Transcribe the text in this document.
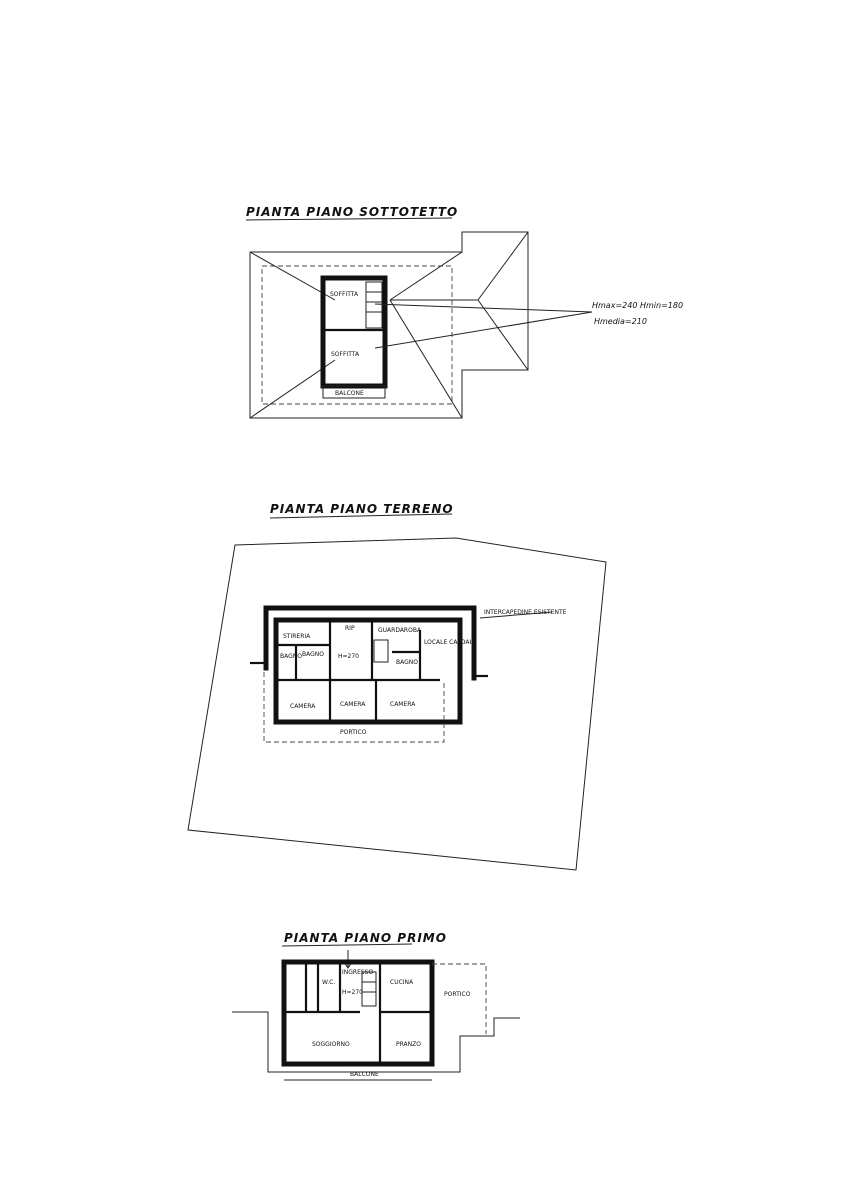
PIANTA PIANO SOTTOTETTO
SOFFITTA
SOFFITTA
BALCONE
Hmax=240 Hmin=180
Hmedia=210
PIANTA PIANO TERRENO
STIRERIA
RIP	GUARDAROBA
BAGNO BAGNO H=270
BAGNO
LOCALE CALDAIA
CAMERA	CAMERA	CAMERA
PORTICO
INTERCAPEDINE ESISTENTE
PIANTA PIANO PRIMO
INGRESSO
W.C.
H=270
CUCINA
PORTICO
SOGGIORNO	PRANZO
BALCONE
